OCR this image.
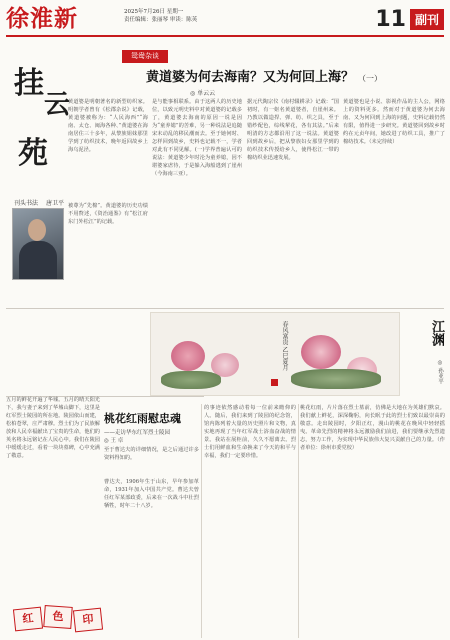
徐淮新	2025年7月26日 星期一
责任编辑：张丽琴 审读：陈英	11 副刊
挂
云
苑
刊头书法 唐卫平
鸳鸯杂谈
黄道婆为何去海南？又为何回上海？ （一）
◎ 单云云
黄道婆是明朝著名的新型纺织家。明朝学者曾有《松郡杂说》记载，黄道婆被称为：“人民海西”“海南、太仓、闽海各种、”黄道婆在海南居住三十多年，从黎族姐妹那里学到了纺织技术，晚年返回故乡上海乌泥泾。
被尊为“先棉”。黄道婆的历史功绩不用赘述，《资治通鉴》有“松江府东门外松江”的记载。
是与能事相联系。由于这两人的历史地位，以致元明史料中对黄道婆的记载多了，黄道婆去海南的原因一说是因为“童养媳”的苦难，另一种说法是追随宋末动乱的移民潮而去。至于她何时、怎样回到故乡，史料也记载不一，学者对此有不同见解。(一)学界普遍认可的说法：黄道婆少年时沦为童养媳，因不堪婆家虐待，于是躲入海船逃到了崖州（今海南三亚）。
据元代陶宗仪《南村辍耕录》记载：“国初时，有一妪名黄道婆者，自崖州来。乃教以做造捍、弹、纺、织之具，至于错纱配色，综线挈花，各有其法。”后来明清的方志都沿用了这一说法。黄道婆回到故乡后，把从黎族妇女那里学到的纺织技术传授给乡人，使得松江一带的棉纺织业迅速发展。
黄道婆也是小说、影视作品的主人公，网络上的资料更多。然而对于黄道婆为何去海南、又为何回到上海的问题，史料记载仍然有限，值得进一步研究。黄道婆回到故乡时约在元贞年间，她改进了纺织工具，推广了棉纺技术。（未完待续）
春风富贵 乙巳夏月	江渊
◎ 孙亚平
五月的鲜花开遍了华墟。五月的晴天阳光下，我与妻子来到了华墟山脚下，这里是红军烈士陵园的所在地。陵园依山而建，松柏苍翠，庄严肃穆。烈士们为了民族解放和人民幸福献出了宝贵的生命，他们的英名将永远铭记在人民心中。我们在陵园中缓缓走过，看着一块块墓碑，心中充满了敬意。
桃花红雨慰忠魂
——走访华东红军烈士陵园
◎ 王 卓
至于曹达夫的详细情况，是之后通过许多资料得知的。
曹达夫，1906年生于山东，早年参加革命，1931年加入中国共产党。曹达夫曾任红军某部政委，后来在一次战斗中壮烈牺牲，时年二十八岁。
的事迹依然感动着每一位前来瞻仰的人。随后，我们来到了陵园的纪念馆，馆内陈列着大量的历史照片和文物，真实地再现了当年红军战士浴血奋战的情景。我站在展柜前，久久不愿离去。烈士们用鲜血和生命换来了今天的和平与幸福，我们一定要珍惜。
桃花红雨，片片落在烈士墓前，仿佛是大地在为英雄们默哀。我们献上鲜花，深深鞠躬，向长眠于此的烈士们致以最崇高的敬意。走出陵园时，夕阳正红，漫山的桃花在晚风中轻轻摇曳。革命先烈的精神将永远激励我们前进，我们要继承先烈遗志，努力工作，为实现中华民族伟大复兴贡献自己的力量。（作者单位：徐州市委党校）
红	色	印
